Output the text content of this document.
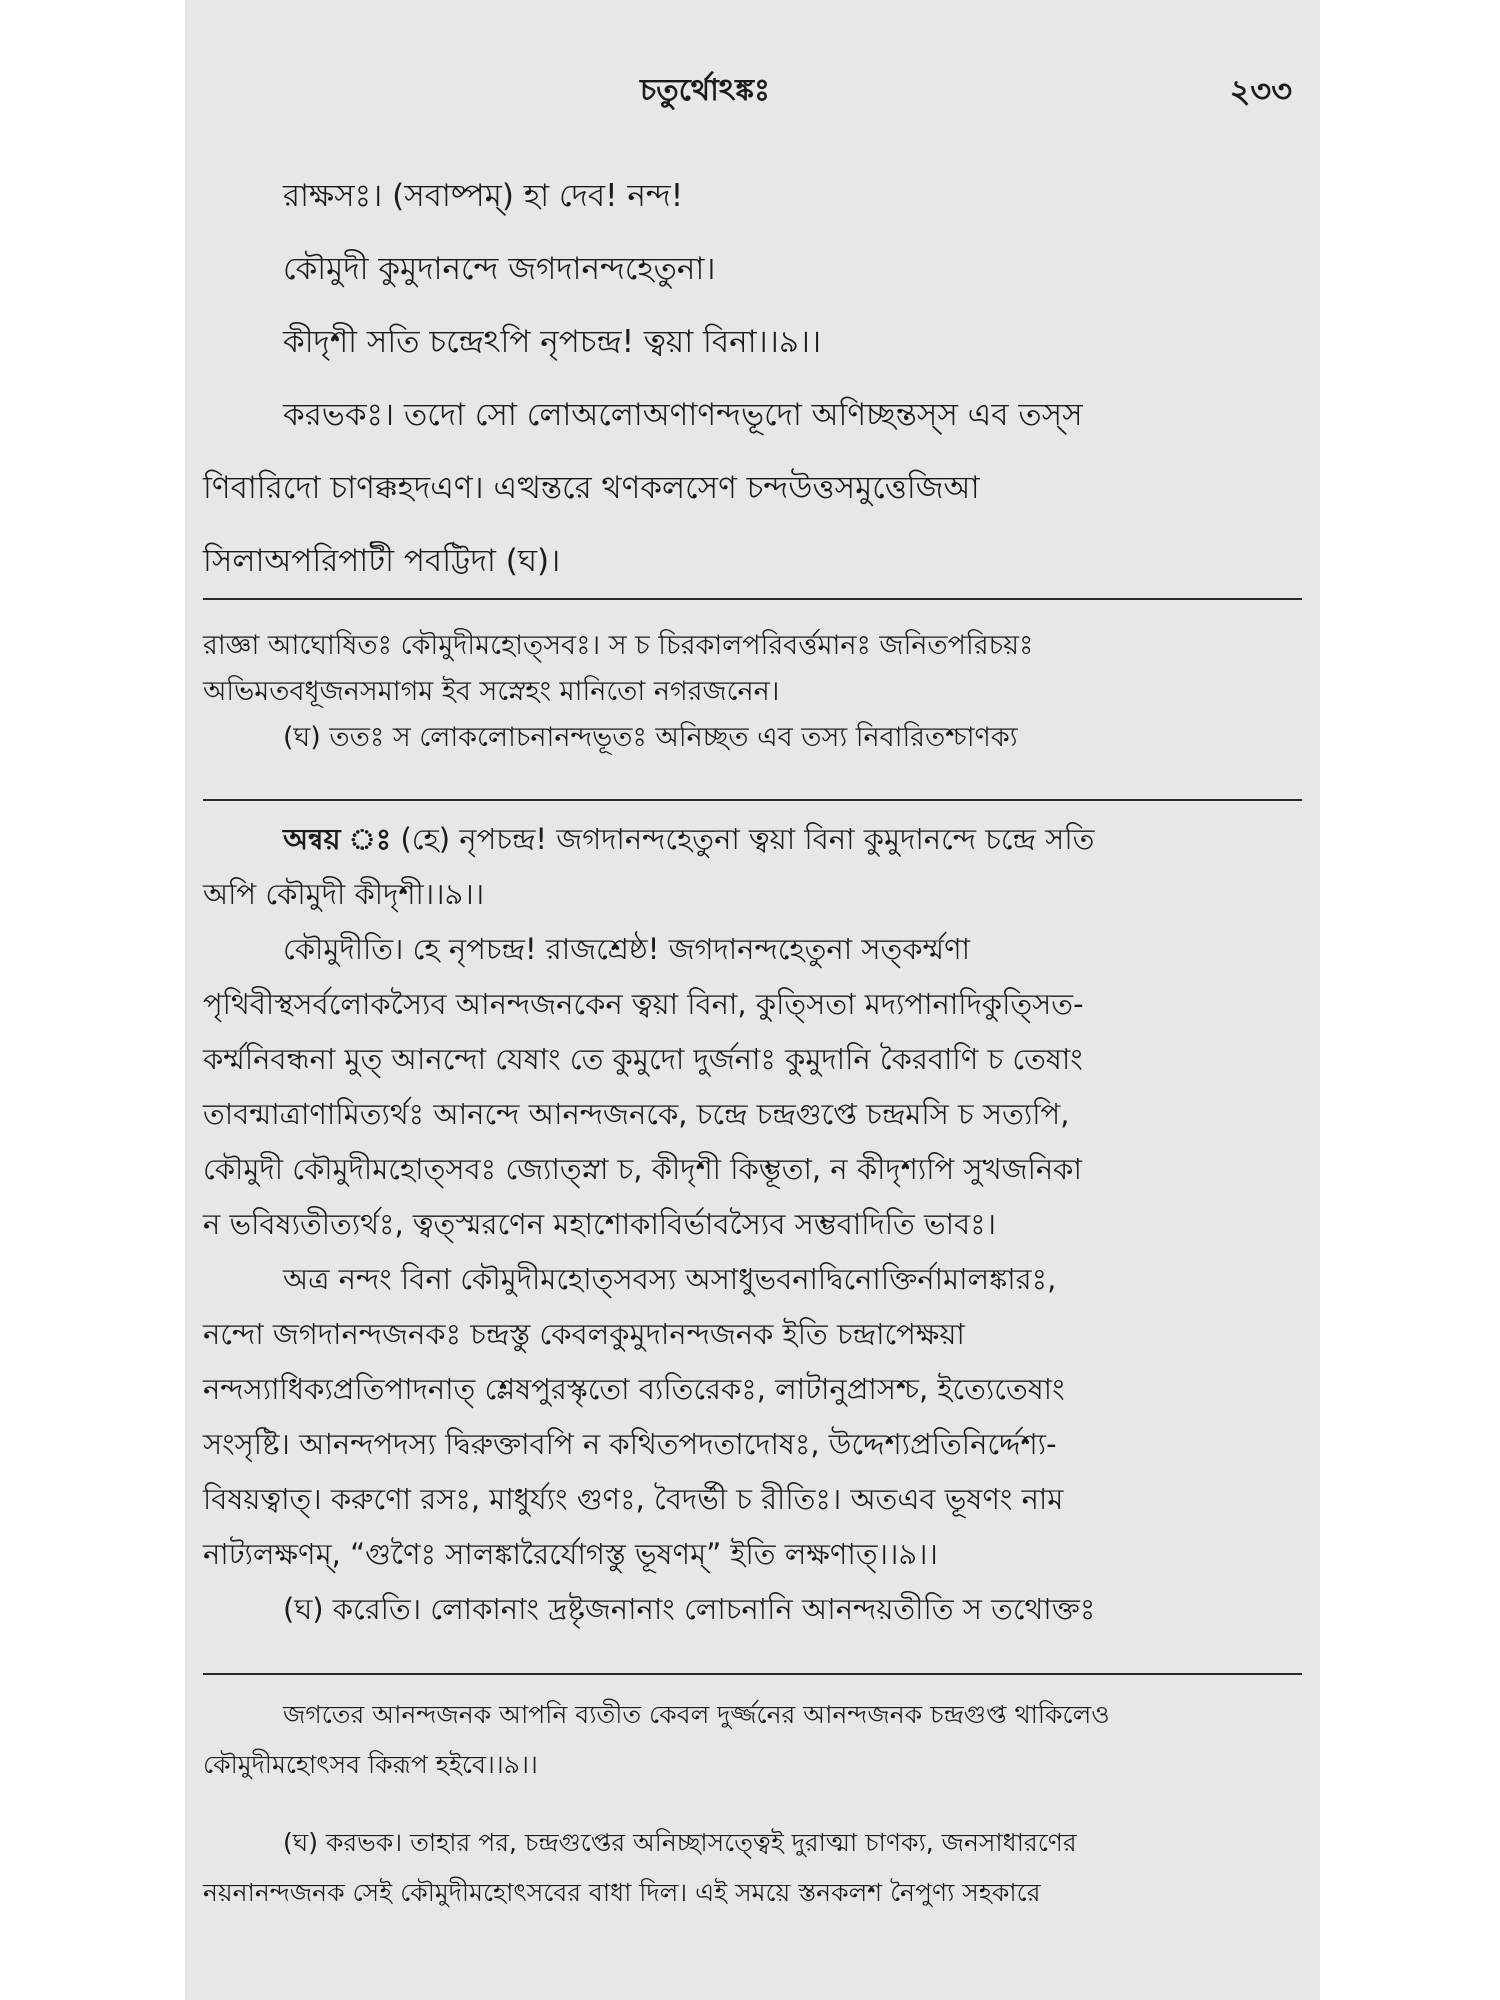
চতুর্থোঽঙ্কঃ	২৩৩

রাক্ষসঃ। (সবাষ্পম্) হা দেব! নন্দ!

কৌমুদী কুমুদানন্দে জগদানন্দহেতুনা।

কীদৃশী সতি চন্দ্রেঽপি নৃপচন্দ্র! ত্বয়া বিনা।।৯।।

করভকঃ। তদো সো লোঅলোঅণাণন্দভূদো অণিচ্ছন্তস্স এব তস্স

ণিবারিদো চাণক্কহদএণ। এত্থন্তরে থণকলসেণ চন্দউত্তসমুত্তেজিআ

সিলাঅপরিপাটী পবট্টিদা (ঘ)।

রাজ্ঞা আঘোষিতঃ কৌমুদীমহোত্সবঃ। স চ চিরকালপরিবর্ত্তমানঃ জনিতপরিচয়ঃ

অভিমতবধূজনসমাগম ইব সস্নেহং মানিতো নগরজনেন।

(ঘ) ততঃ স লোকলোচনানন্দভূতঃ অনিচ্ছত এব তস্য নিবারিতশ্চাণক্য

অন্বয় ঃ (হে) নৃপচন্দ্র! জগদানন্দহেতুনা ত্বয়া বিনা কুমুদানন্দে চন্দ্রে সতি

অপি কৌমুদী কীদৃশী।।৯।।

কৌমুদীতি। হে নৃপচন্দ্র! রাজশ্রেষ্ঠ! জগদানন্দহেতুনা সত্কর্ম্মণা

পৃথিবীস্থসর্বলোকস্যৈব আনন্দজনকেন ত্বয়া বিনা, কুত্সিতা মদ্যপানাদিকুত্সিত-

কর্ম্মনিবন্ধনা মুত্ আনন্দো যেষাং তে কুমুদো দুর্জনাঃ কুমুদানি কৈরবাণি চ তেষাং

তাবন্মাত্রাণামিত্যর্থঃ আনন্দে আনন্দজনকে, চন্দ্রে চন্দ্রগুপ্তে চন্দ্রমসি চ সত্যপি,

কৌমুদী কৌমুদীমহোত্সবঃ জ্যোত্স্না চ, কীদৃশী কিম্ভূতা, ন কীদৃশ্যপি সুখজনিকা

ন ভবিষ্যতীত্যর্থঃ, ত্বত্স্মরণেন মহাশোকাবির্ভাবস্যৈব সম্ভবাদিতি ভাবঃ।

অত্র নন্দং বিনা কৌমুদীমহোত্সবস্য অসাধুভবনাদ্বিনোক্তির্নামালঙ্কারঃ,

নন্দো জগদানন্দজনকঃ চন্দ্রস্তু কেবলকুমুদানন্দজনক ইতি চন্দ্রাপেক্ষয়া

নন্দস্যাধিক্যপ্রতিপাদনাত্ শ্লেষপুরস্কৃতো ব্যতিরেকঃ, লাটানুপ্রাসশ্চ, ইত্যেতেষাং

সংসৃষ্টি। আনন্দপদস্য দ্বিরুক্তাবপি ন কথিতপদতাদোষঃ, উদ্দেশ্যপ্রতিনির্দ্দেশ্য-

বিষয়ত্বাত্। করুণো রসঃ, মাধুর্য্যং গুণঃ, বৈদর্ভী চ রীতিঃ। অতএব ভূষণং নাম

নাট্যলক্ষণম্, “গুণৈঃ সালঙ্কারৈর্যোগস্তু ভূষণম্” ইতি লক্ষণাত্।।৯।।

(ঘ) করেতি। লোকানাং দ্রষ্টৃজনানাং লোচনানি আনন্দয়তীতি স তথোক্তঃ

জগতের আনন্দজনক আপনি ব্যতীত কেবল দুর্জ্জনের আনন্দজনক চন্দ্রগুপ্ত থাকিলেও

কৌমুদীমহোৎসব কিরূপ হইবে।।৯।।

(ঘ) করভক। তাহার পর, চন্দ্রগুপ্তের অনিচ্ছাসত্ত্বেই দুরাত্মা চাণক্য, জনসাধারণের

নয়নানন্দজনক সেই কৌমুদীমহোৎসবের বাধা দিল। এই সময়ে স্তনকলশ নৈপুণ্য সহকারে
